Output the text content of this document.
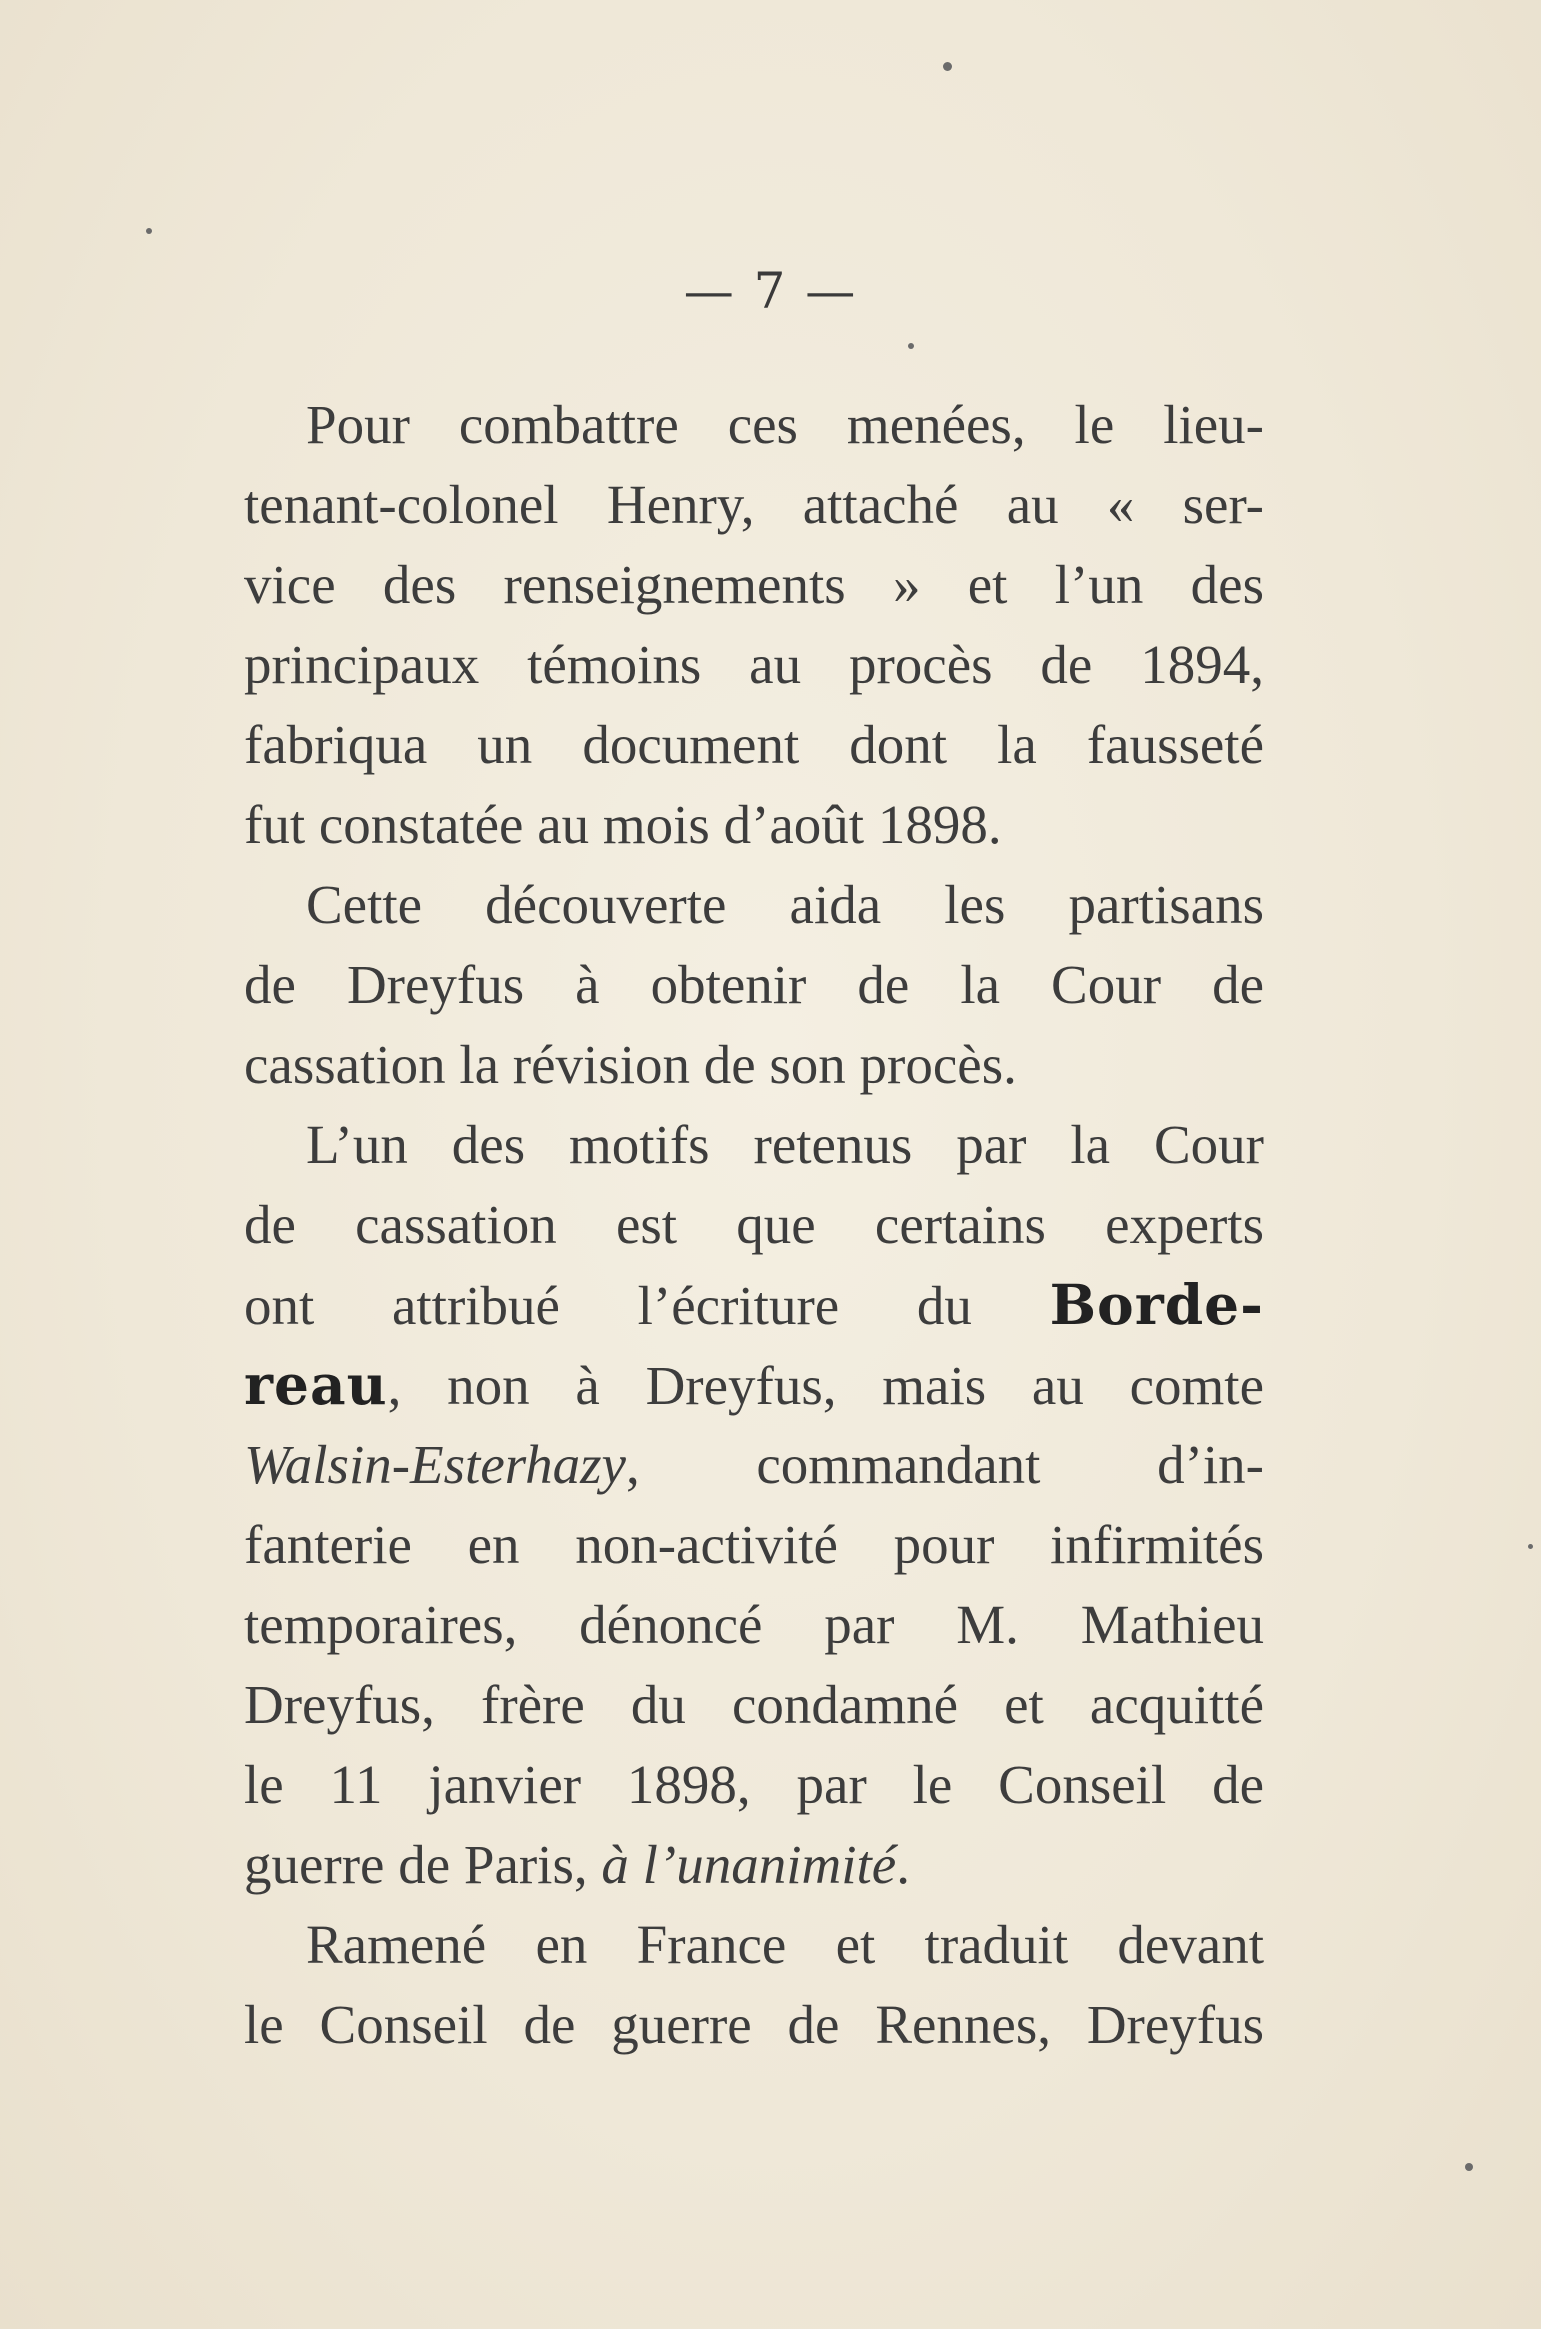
— 7 —
Pour combattre ces menées, le lieu-
tenant-colonel Henry, attaché au « ser-
vice des renseignements » et l’un des
principaux témoins au procès de 1894,
fabriqua un document dont la fausseté
fut constatée au mois d’août 1898.
Cette découverte aida les partisans
de Dreyfus à obtenir de la Cour de
cassation la révision de son procès.
L’un des motifs retenus par la Cour
de cassation est que certains experts
ont attribué l’écriture du Borde-
reau, non à Dreyfus, mais au comte
Walsin-Esterhazy, commandant d’in-
fanterie en non-activité pour infirmités
temporaires, dénoncé par M. Mathieu
Dreyfus, frère du condamné et acquitté
le 11 janvier 1898, par le Conseil de
guerre de Paris, à l’unanimité.
Ramené en France et traduit devant
le Conseil de guerre de Rennes, Dreyfus
